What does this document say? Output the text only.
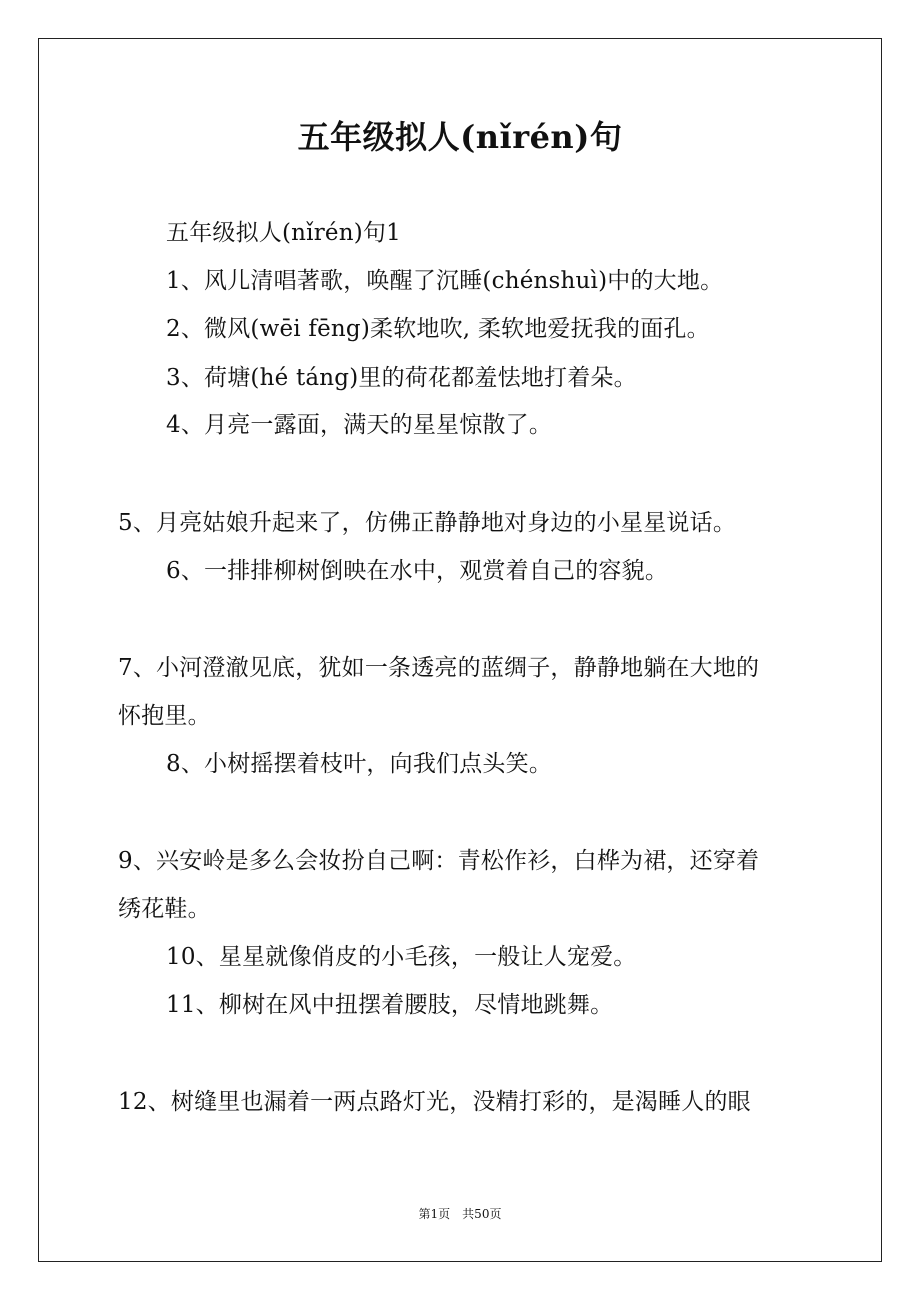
五年级拟人(nǐrén)句
五年级拟人(nǐrén)句1
1、风儿清唱著歌，唤醒了沉睡(chénshuì)中的大地。
2、微风(wēi fēng)柔软地吹, 柔软地爱抚我的面孔。
3、荷塘(hé táng)里的荷花都羞怯地打着朵。
4、月亮一露面，满天的星星惊散了。
5、月亮姑娘升起来了，仿佛正静静地对身边的小星星说话。
6、一排排柳树倒映在水中，观赏着自己的容貌。
7、小河澄澈见底，犹如一条透亮的蓝绸子，静静地躺在大地的
怀抱里。
8、小树摇摆着枝叶，向我们点头笑。
9、兴安岭是多么会妆扮自己啊：青松作衫，白桦为裙，还穿着
绣花鞋。
10、星星就像俏皮的小毛孩，一般让人宠爱。
11、柳树在风中扭摆着腰肢，尽情地跳舞。
12、树缝里也漏着一两点路灯光，没精打彩的，是渴睡人的眼
第1页　共50页
